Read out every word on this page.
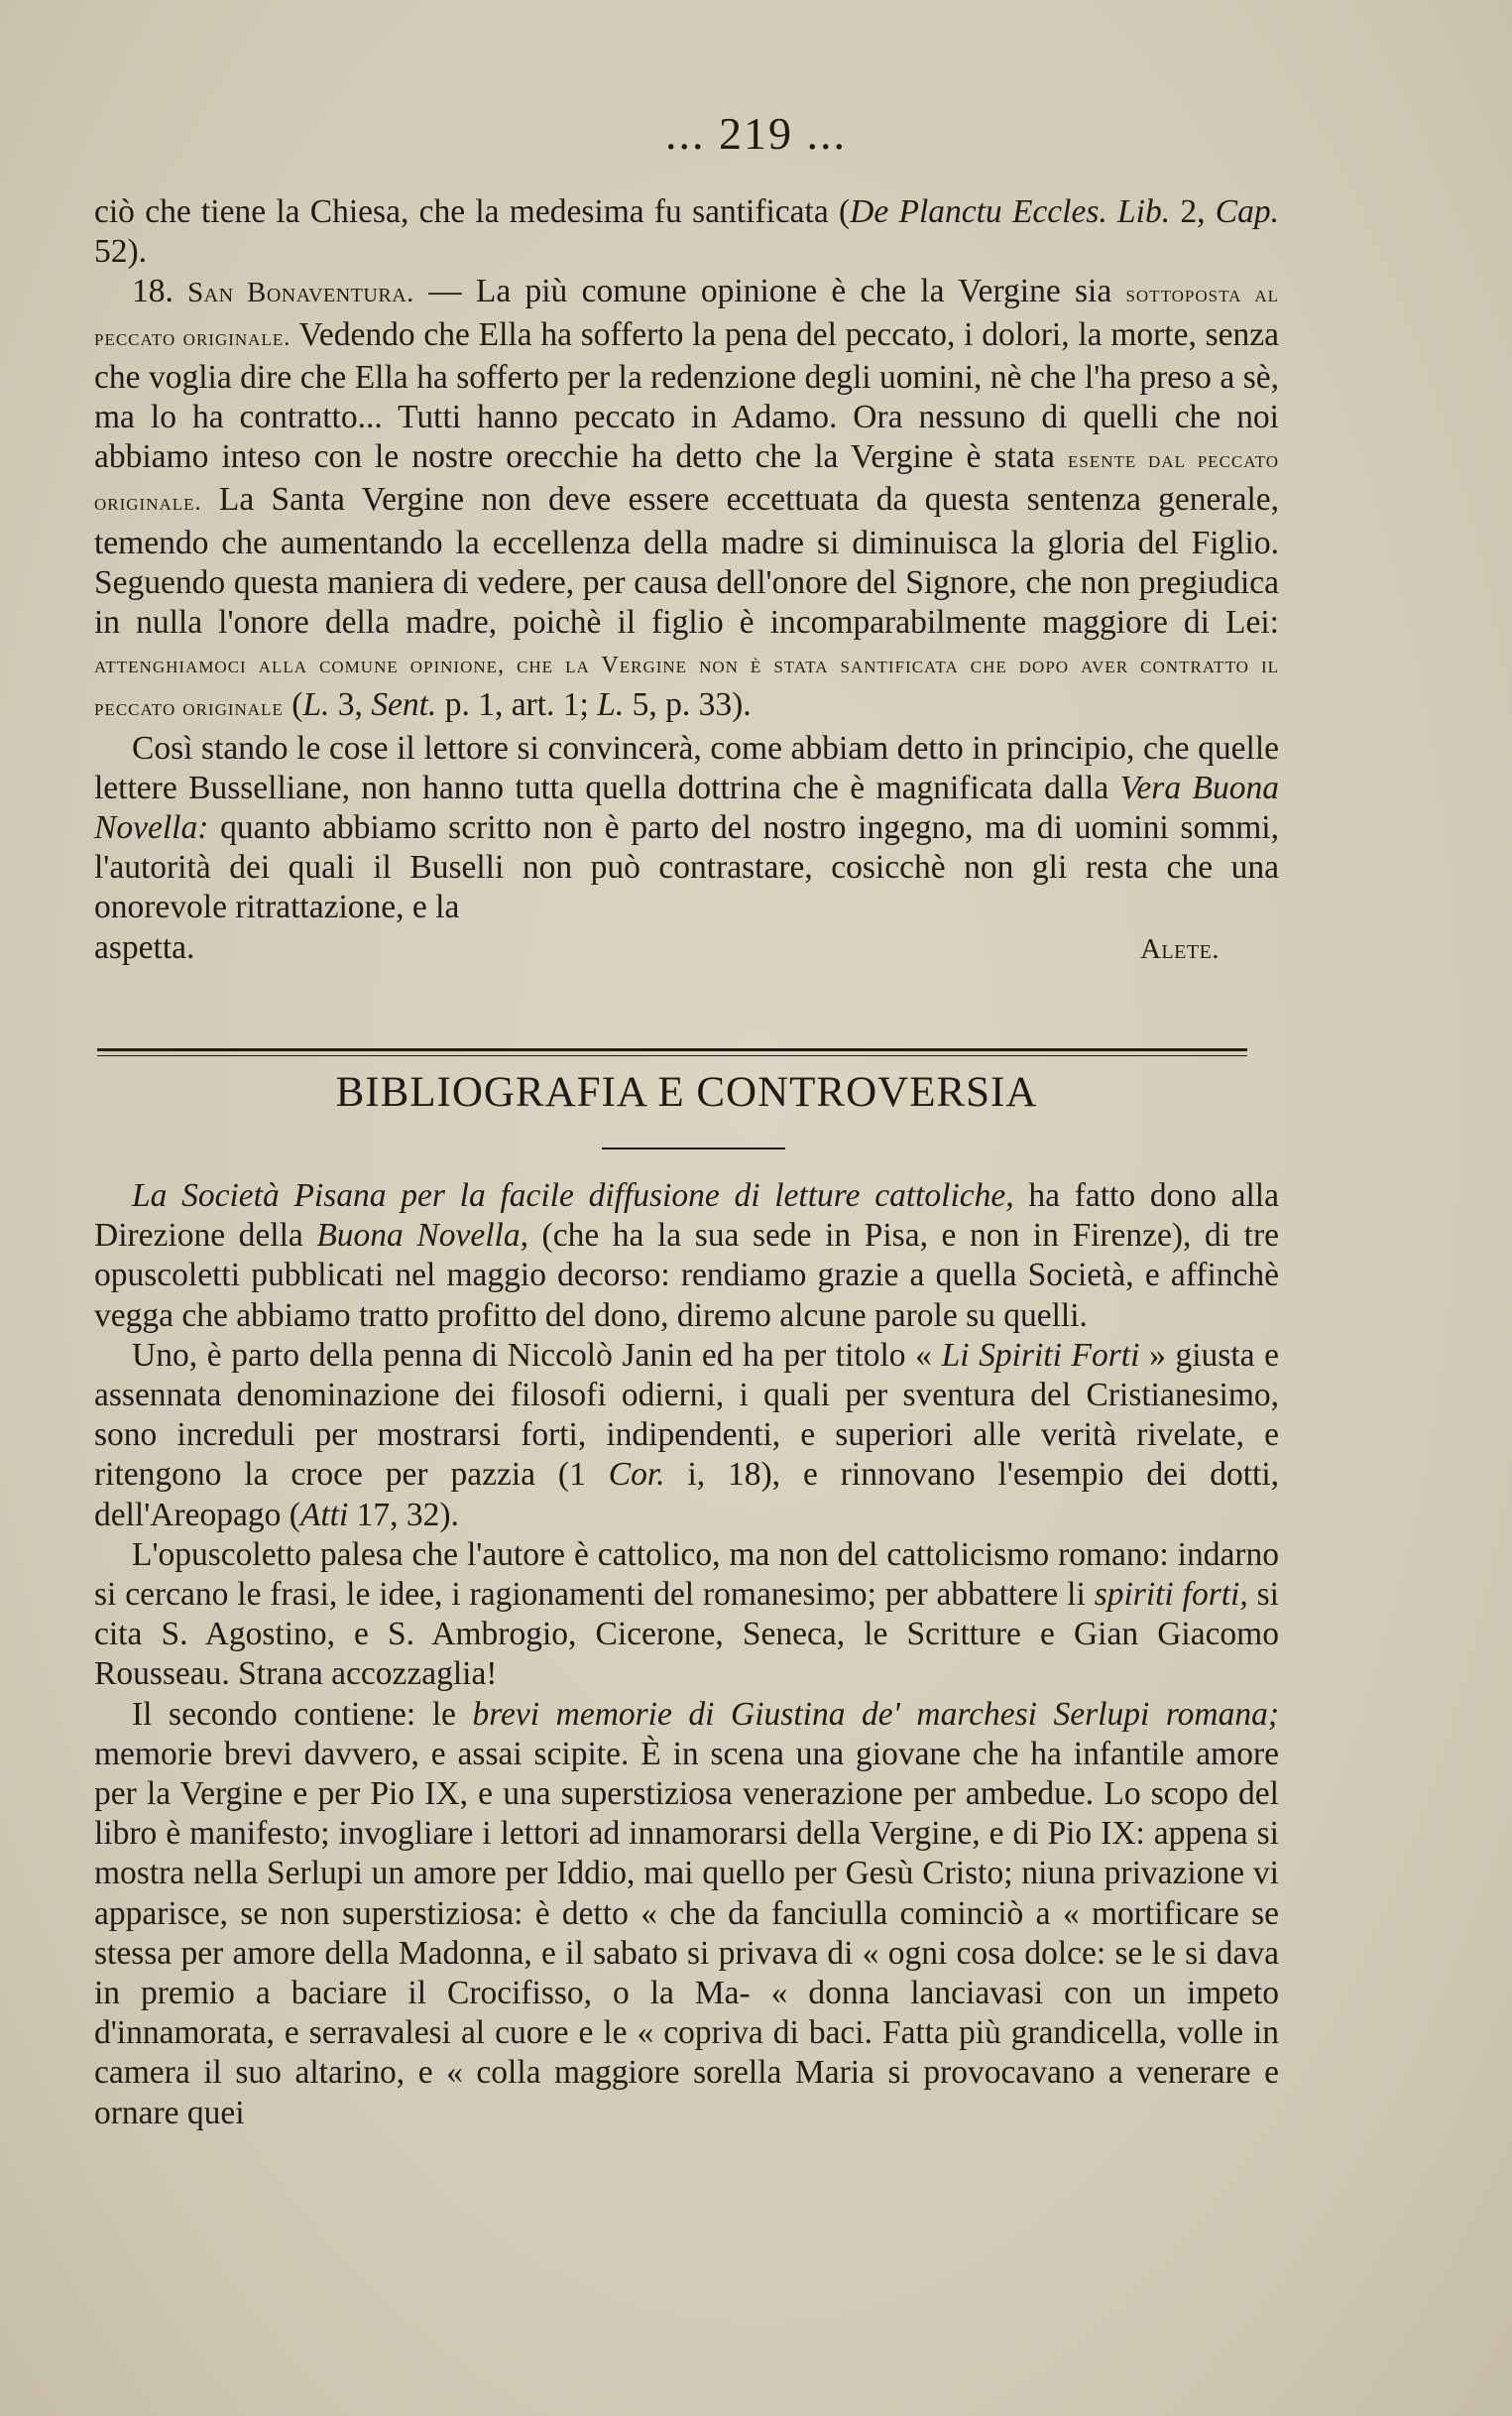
... 219 ...

ciò che tiene la Chiesa, che la medesima fu santificata (De Planctu Eccles. Lib. 2, Cap. 52).

18. San Bonaventura. — La più comune opinione è che la Vergine sia sottoposta al peccato originale. Vedendo che Ella ha sofferto la pena del peccato, i dolori, la morte, senza che voglia dire che Ella ha sofferto per la redenzione degli uomini, nè che l'ha preso a sè, ma lo ha contratto... Tutti hanno peccato in Adamo. Ora nessuno di quelli che noi abbiamo inteso con le nostre orecchie ha detto che la Vergine è stata esente dal peccato originale. La Santa Vergine non deve essere eccettuata da questa sentenza generale, temendo che aumentando la eccellenza della madre si diminuisca la gloria del Figlio. Seguendo questa maniera di vedere, per causa dell'onore del Signore, che non pregiudica in nulla l'onore della madre, poichè il figlio è incomparabilmente maggiore di Lei: attenghiamoci alla comune opinione, che la Vergine non è stata santificata che dopo aver contratto il peccato originale (L. 3, Sent. p. 1, art. 1; L. 5, p. 33).

Così stando le cose il lettore si convincerà, come abbiam detto in principio, che quelle lettere Busselliane, non hanno tutta quella dottrina che è magnificata dalla Vera Buona Novella: quanto abbiamo scritto non è parto del nostro ingegno, ma di uomini sommi, l'autorità dei quali il Buselli non può contrastare, cosicchè non gli resta che una onorevole ritrattazione, e la

aspetta.	Alete.

BIBLIOGRAFIA E CONTROVERSIA

La Società Pisana per la facile diffusione di letture cattoliche, ha fatto dono alla Direzione della Buona Novella, (che ha la sua sede in Pisa, e non in Firenze), di tre opuscoletti pubblicati nel maggio decorso: rendiamo grazie a quella Società, e affinchè vegga che abbiamo tratto profitto del dono, diremo alcune parole su quelli.

Uno, è parto della penna di Niccolò Janin ed ha per titolo « Li Spiriti Forti » giusta e assennata denominazione dei filosofi odierni, i quali per sventura del Cristianesimo, sono increduli per mostrarsi forti, indipendenti, e superiori alle verità rivelate, e ritengono la croce per pazzia (1 Cor. i, 18), e rinnovano l'esempio dei dotti, dell'Areopago (Atti 17, 32).

L'opuscoletto palesa che l'autore è cattolico, ma non del cattolicismo romano: indarno si cercano le frasi, le idee, i ragionamenti del romanesimo; per abbattere li spiriti forti, si cita S. Agostino, e S. Ambrogio, Cicerone, Seneca, le Scritture e Gian Giacomo Rousseau. Strana accozzaglia!

Il secondo contiene: le brevi memorie di Giustina de' marchesi Serlupi romana; memorie brevi davvero, e assai scipite. È in scena una giovane che ha infantile amore per la Vergine e per Pio IX, e una superstiziosa venerazione per ambedue. Lo scopo del libro è manifesto; invogliare i lettori ad innamorarsi della Vergine, e di Pio IX: appena si mostra nella Serlupi un amore per Iddio, mai quello per Gesù Cristo; niuna privazione vi apparisce, se non superstiziosa: è detto « che da fanciulla cominciò a « mortificare se stessa per amore della Madonna, e il sabato si privava di « ogni cosa dolce: se le si dava in premio a baciare il Crocifisso, o la Ma- « donna lanciavasi con un impeto d'innamorata, e serravalesi al cuore e le « copriva di baci. Fatta più grandicella, volle in camera il suo altarino, e « colla maggiore sorella Maria si provocavano a venerare e ornare quei
